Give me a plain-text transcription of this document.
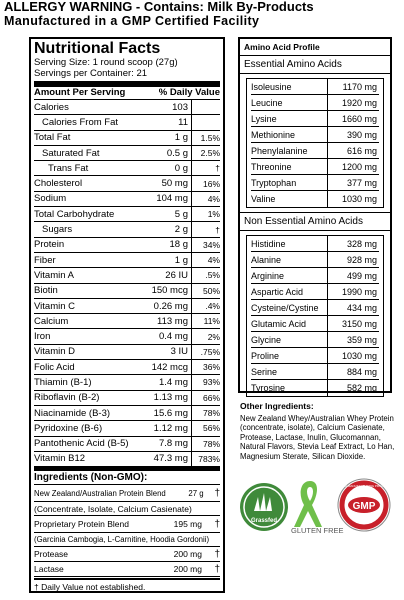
ALLERGY WARNING - Contains: Milk By-Products
Manufactured in a GMP Certified Facility
Nutritional Facts
Serving Size: 1 round scoop (27g)
Servings per Container: 21
Amount Per Serving	% Daily Value
Calories	103
Calories From Fat	11
Total Fat	1 g	1.5%
Saturated Fat	0.5 g	2.5%
Trans Fat	0 g	†
Cholesterol	50 mg	16%
Sodium	104 mg	4%
Total Carbohydrate	5 g	1%
Sugars	2 g	†
Protein	18 g	34%
Fiber	1 g	4%
Vitamin A	26 IU	.5%
Biotin	150 mcg	50%
Vitamin C	0.26 mg	.4%
Calcium	113 mg	11%
Iron	0.4 mg	2%
Vitamin D	3 IU	.75%
Folic Acid	142 mcg	36%
Thiamin (B-1)	1.4 mg	93%
Riboflavin (B-2)	1.13 mg	66%
Niacinamide (B-3)	15.6 mg	78%
Pyridoxine (B-6)	1.12 mg	56%
Pantothenic Acid (B-5)	7.8 mg	78%
Vitamin B12	47.3 mg	783%
Ingredients (Non-GMO):
New Zealand/Australian Protein Blend	27 g	†
(Concentrate, Isolate, Calcium Casienate)
Proprietary Protein Blend	195 mg	†
(Garcinia Cambogia, L-Carnitine, Hoodia Gordonii)
Protease	200 mg	†
Lactase	200 mg	†
† Daily Value not established.
Amino Acid Profile
Essential Amino Acids
Isoleusine	1170 mg
Leucine	1920 mg
Lysine	1660 mg
Methionine	390 mg
Phenylalanine	616 mg
Threonine	1200 mg
Tryptophan	377 mg
Valine	1030 mg
Non Essential Amino Acids
Histidine	328 mg
Alanine	928 mg
Arginine	499 mg
Aspartic Acid	1990 mg
Cysteine/Cystine	434 mg
Glutamic Acid	3150 mg
Glycine	359 mg
Proline	1030 mg
Serine	884 mg
Tyrosine	582 mg
Other Ingredients:
New Zealand Whey/Australian Whey Protein (concentrate, isolate), Calcium Casienate, Protease, Lactase, Inulin, Glucomannan, Natural Flavors, Stevia Leaf Extract, Lo Han, Magnesium Sterate, Silican Dioxide.
Grassfed
GMP
GOOD MANUFACTURING PRACTICE
GLUTEN FREE
